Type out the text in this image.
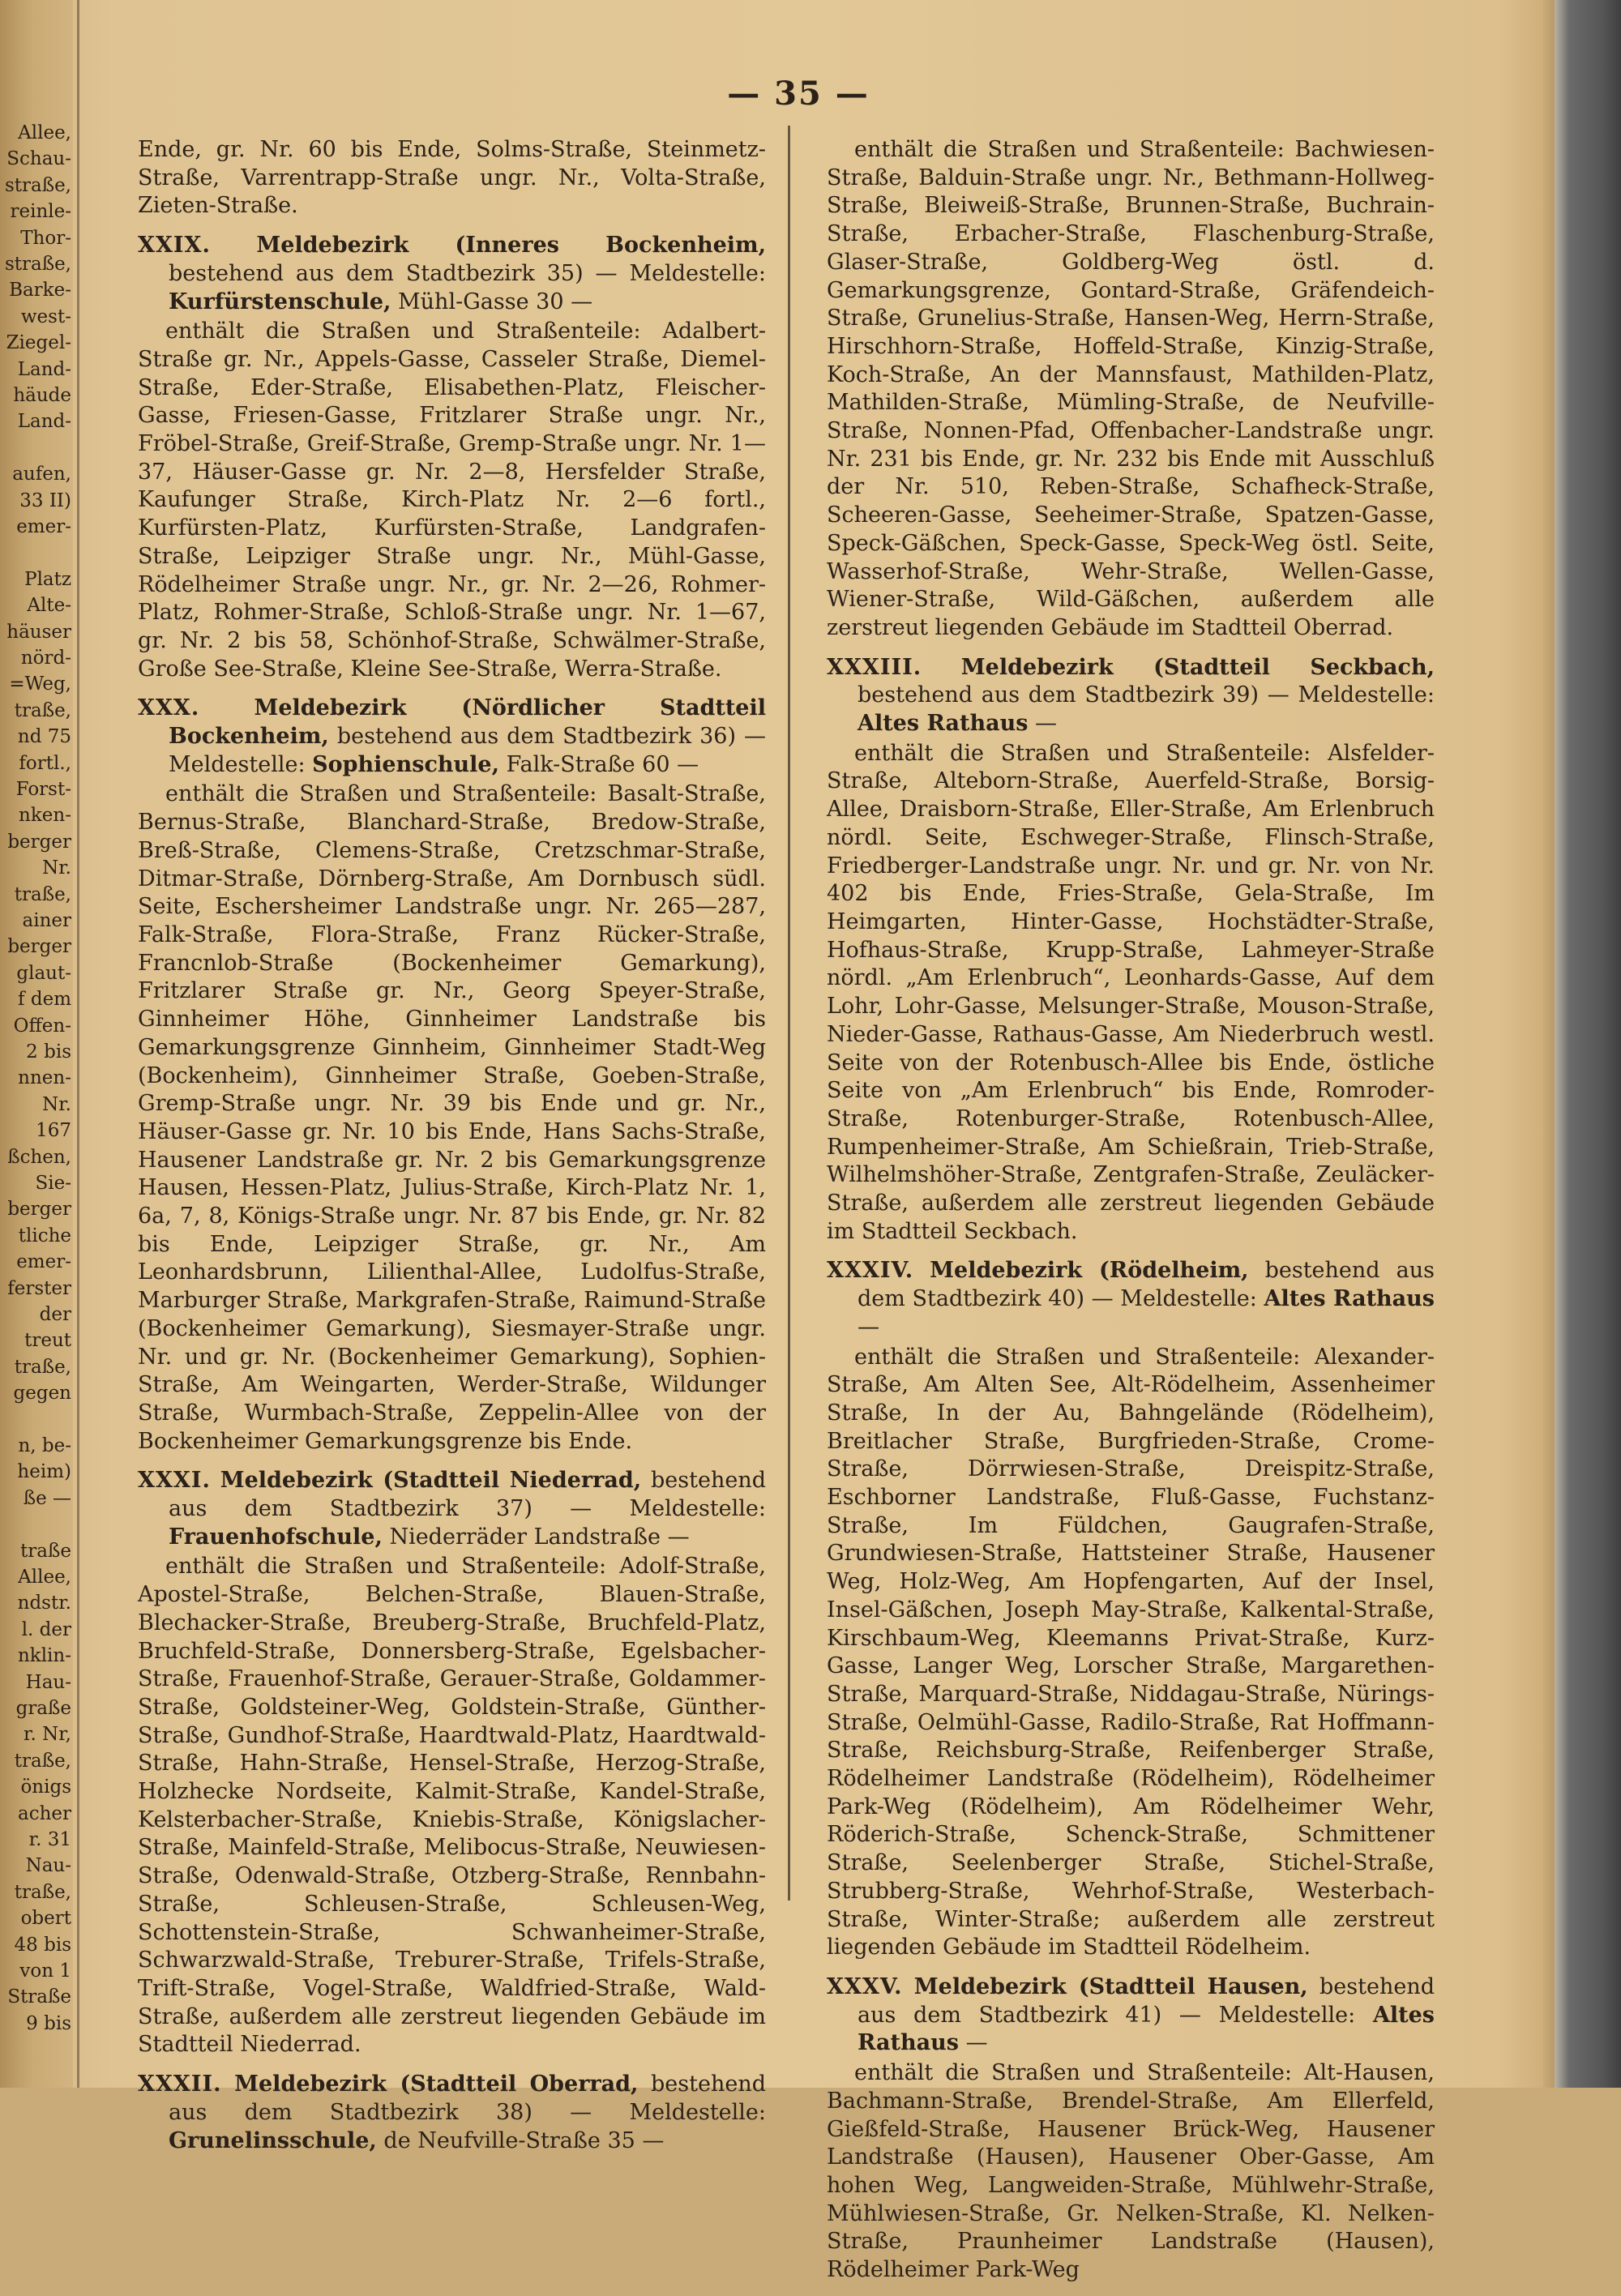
Allee,
Schau-
straße,
reinle-
Thor-
straße,
Barke-
west-
Ziegel-
Land-
häude
Land-
aufen,
33 II)
emer-
Platz
Alte-
häuser
nörd-
=Weg,
traße,
nd 75
fortl.,
Forst-
nken-
berger
Nr.
traße,
ainer
berger
glaut-
f dem
Offen-
2 bis
nnen-
Nr.
167
ßchen,
Sie-
berger
tliche
emer-
ferster
der
treut
traße,
gegen
n, be-
heim)
ße —
traße
Allee,
ndstr.
l. der
nklin-
Hau-
graße
r. Nr,
traße,
önigs
acher
r. 31
Nau-
traße,
obert
48 bis
von 1
Straße
9 bis
— 35 —

Ende, gr. Nr. 60 bis Ende, Solms-Straße, Steinmetz-Straße, Varrentrapp-Straße ungr. Nr., Volta-Straße, Zieten-Straße.

XXIX. Meldebezirk (Inneres Bockenheim, bestehend aus dem Stadtbezirk 35) — Meldestelle: Kurfürstenschule, Mühl-Gasse 30 —

enthält die Straßen und Straßenteile: Adalbert-Straße gr. Nr., Appels-Gasse, Casseler Straße, Diemel-Straße, Eder-Straße, Elisabethen-Platz, Fleischer-Gasse, Friesen-Gasse, Fritzlarer Straße ungr. Nr., Fröbel-Straße, Greif-Straße, Gremp-Straße ungr. Nr. 1—37, Häuser-Gasse gr. Nr. 2—8, Hersfelder Straße, Kaufunger Straße, Kirch-Platz Nr. 2—6 fortl., Kurfürsten-Platz, Kurfürsten-Straße, Landgrafen-Straße, Leipziger Straße ungr. Nr., Mühl-Gasse, Rödelheimer Straße ungr. Nr., gr. Nr. 2—26, Rohmer-Platz, Rohmer-Straße, Schloß-Straße ungr. Nr. 1—67, gr. Nr. 2 bis 58, Schönhof-Straße, Schwälmer-Straße, Große See-Straße, Kleine See-Straße, Werra-Straße.

XXX. Meldebezirk (Nördlicher Stadtteil Bockenheim, bestehend aus dem Stadtbezirk 36) — Meldestelle: Sophienschule, Falk-Straße 60 —

enthält die Straßen und Straßenteile: Basalt-Straße, Bernus-Straße, Blanchard-Straße, Bredow-Straße, Breß-Straße, Clemens-Straße, Cretzschmar-Straße, Ditmar-Straße, Dörnberg-Straße, Am Dornbusch südl. Seite, Eschersheimer Landstraße ungr. Nr. 265—287, Falk-Straße, Flora-Straße, Franz Rücker-Straße, Francnlob-Straße (Bockenheimer Gemarkung), Fritzlarer Straße gr. Nr., Georg Speyer-Straße, Ginnheimer Höhe, Ginnheimer Landstraße bis Gemarkungsgrenze Ginnheim, Ginnheimer Stadt-Weg (Bockenheim), Ginnheimer Straße, Goeben-Straße, Gremp-Straße ungr. Nr. 39 bis Ende und gr. Nr., Häuser-Gasse gr. Nr. 10 bis Ende, Hans Sachs-Straße, Hausener Landstraße gr. Nr. 2 bis Gemarkungsgrenze Hausen, Hessen-Platz, Julius-Straße, Kirch-Platz Nr. 1, 6a, 7, 8, Königs-Straße ungr. Nr. 87 bis Ende, gr. Nr. 82 bis Ende, Leipziger Straße, gr. Nr., Am Leonhardsbrunn, Lilienthal-Allee, Ludolfus-Straße, Marburger Straße, Markgrafen-Straße, Raimund-Straße (Bockenheimer Gemarkung), Siesmayer-Straße ungr. Nr. und gr. Nr. (Bockenheimer Gemarkung), Sophien-Straße, Am Weingarten, Werder-Straße, Wildunger Straße, Wurmbach-Straße, Zeppelin-Allee von der Bockenheimer Gemarkungsgrenze bis Ende.

XXXI. Meldebezirk (Stadtteil Niederrad, bestehend aus dem Stadtbezirk 37) — Meldestelle: Frauenhofschule, Niederräder Landstraße —

enthält die Straßen und Straßenteile: Adolf-Straße, Apostel-Straße, Belchen-Straße, Blauen-Straße, Blechacker-Straße, Breuberg-Straße, Bruchfeld-Platz, Bruchfeld-Straße, Donnersberg-Straße, Egelsbacher-Straße, Frauenhof-Straße, Gerauer-Straße, Goldammer-Straße, Goldsteiner-Weg, Goldstein-Straße, Günther-Straße, Gundhof-Straße, Haardtwald-Platz, Haardtwald-Straße, Hahn-Straße, Hensel-Straße, Herzog-Straße, Holzhecke Nordseite, Kalmit-Straße, Kandel-Straße, Kelsterbacher-Straße, Kniebis-Straße, Königslacher-Straße, Mainfeld-Straße, Melibocus-Straße, Neuwiesen-Straße, Odenwald-Straße, Otzberg-Straße, Rennbahn-Straße, Schleusen-Straße, Schleusen-Weg, Schottenstein-Straße, Schwanheimer-Straße, Schwarzwald-Straße, Treburer-Straße, Trifels-Straße, Trift-Straße, Vogel-Straße, Waldfried-Straße, Wald-Straße, außerdem alle zerstreut liegenden Gebäude im Stadtteil Niederrad.

XXXII. Meldebezirk (Stadtteil Oberrad, bestehend aus dem Stadtbezirk 38) — Meldestelle: Grunelinsschule, de Neufville-Straße 35 —

enthält die Straßen und Straßenteile: Bachwiesen-Straße, Balduin-Straße ungr. Nr., Bethmann-Hollweg-Straße, Bleiweiß-Straße, Brunnen-Straße, Buchrain-Straße, Erbacher-Straße, Flaschenburg-Straße, Glaser-Straße, Goldberg-Weg östl. d. Gemarkungsgrenze, Gontard-Straße, Gräfendeich-Straße, Grunelius-Straße, Hansen-Weg, Herrn-Straße, Hirschhorn-Straße, Hoffeld-Straße, Kinzig-Straße, Koch-Straße, An der Mannsfaust, Mathilden-Platz, Mathilden-Straße, Mümling-Straße, de Neufville-Straße, Nonnen-Pfad, Offenbacher-Landstraße ungr. Nr. 231 bis Ende, gr. Nr. 232 bis Ende mit Ausschluß der Nr. 510, Reben-Straße, Schafheck-Straße, Scheeren-Gasse, Seeheimer-Straße, Spatzen-Gasse, Speck-Gäßchen, Speck-Gasse, Speck-Weg östl. Seite, Wasserhof-Straße, Wehr-Straße, Wellen-Gasse, Wiener-Straße, Wild-Gäßchen, außerdem alle zerstreut liegenden Gebäude im Stadtteil Oberrad.

XXXIII. Meldebezirk (Stadtteil Seckbach, bestehend aus dem Stadtbezirk 39) — Meldestelle: Altes Rathaus —

enthält die Straßen und Straßenteile: Alsfelder-Straße, Alteborn-Straße, Auerfeld-Straße, Borsig-Allee, Draisborn-Straße, Eller-Straße, Am Erlenbruch nördl. Seite, Eschweger-Straße, Flinsch-Straße, Friedberger-Landstraße ungr. Nr. und gr. Nr. von Nr. 402 bis Ende, Fries-Straße, Gela-Straße, Im Heimgarten, Hinter-Gasse, Hochstädter-Straße, Hofhaus-Straße, Krupp-Straße, Lahmeyer-Straße nördl. „Am Erlenbruch“, Leonhards-Gasse, Auf dem Lohr, Lohr-Gasse, Melsunger-Straße, Mouson-Straße, Nieder-Gasse, Rathaus-Gasse, Am Niederbruch westl. Seite von der Rotenbusch-Allee bis Ende, östliche Seite von „Am Erlenbruch“ bis Ende, Romroder-Straße, Rotenburger-Straße, Rotenbusch-Allee, Rumpenheimer-Straße, Am Schießrain, Trieb-Straße, Wilhelmshöher-Straße, Zentgrafen-Straße, Zeuläcker-Straße, außerdem alle zerstreut liegenden Gebäude im Stadtteil Seckbach.

XXXIV. Meldebezirk (Rödelheim, bestehend aus dem Stadtbezirk 40) — Meldestelle: Altes Rathaus —

enthält die Straßen und Straßenteile: Alexander-Straße, Am Alten See, Alt-Rödelheim, Assenheimer Straße, In der Au, Bahngelände (Rödelheim), Breitlacher Straße, Burgfrieden-Straße, Crome-Straße, Dörrwiesen-Straße, Dreispitz-Straße, Eschborner Landstraße, Fluß-Gasse, Fuchstanz-Straße, Im Füldchen, Gaugrafen-Straße, Grundwiesen-Straße, Hattsteiner Straße, Hausener Weg, Holz-Weg, Am Hopfengarten, Auf der Insel, Insel-Gäßchen, Joseph May-Straße, Kalkental-Straße, Kirschbaum-Weg, Kleemanns Privat-Straße, Kurz-Gasse, Langer Weg, Lorscher Straße, Margarethen-Straße, Marquard-Straße, Niddagau-Straße, Nürings-Straße, Oelmühl-Gasse, Radilo-Straße, Rat Hoffmann-Straße, Reichsburg-Straße, Reifenberger Straße, Rödelheimer Landstraße (Rödelheim), Rödelheimer Park-Weg (Rödelheim), Am Rödelheimer Wehr, Röderich-Straße, Schenck-Straße, Schmittener Straße, Seelenberger Straße, Stichel-Straße, Strubberg-Straße, Wehrhof-Straße, Westerbach-Straße, Winter-Straße; außerdem alle zerstreut liegenden Gebäude im Stadtteil Rödelheim.

XXXV. Meldebezirk (Stadtteil Hausen, bestehend aus dem Stadtbezirk 41) — Meldestelle: Altes Rathaus —

enthält die Straßen und Straßenteile: Alt-Hausen, Bachmann-Straße, Brendel-Straße, Am Ellerfeld, Gießfeld-Straße, Hausener Brück-Weg, Hausener Landstraße (Hausen), Hausener Ober-Gasse, Am hohen Weg, Langweiden-Straße, Mühlwehr-Straße, Mühlwiesen-Straße, Gr. Nelken-Straße, Kl. Nelken-Straße, Praunheimer Landstraße (Hausen), Rödelheimer Park-Weg
